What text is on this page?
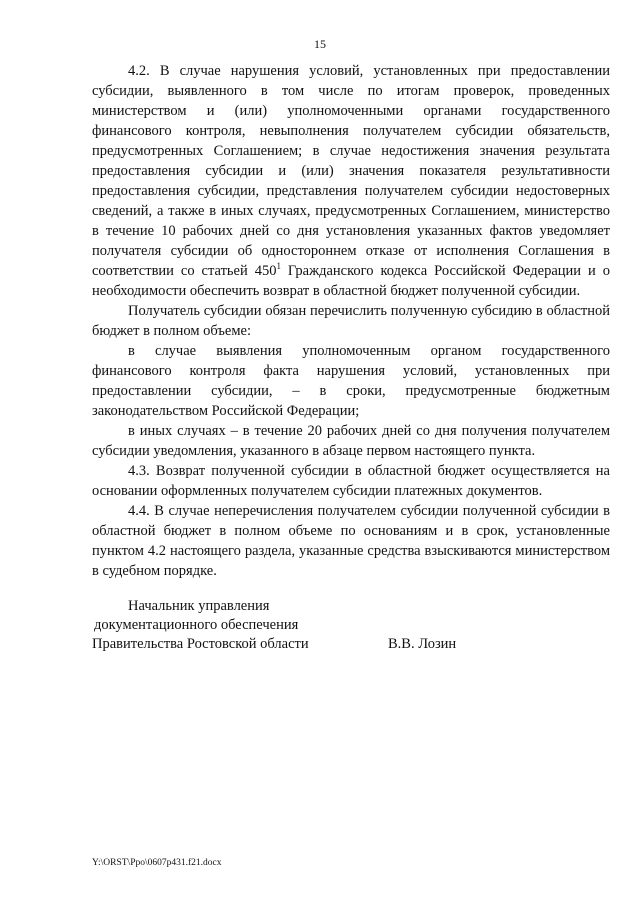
15

4.2. В случае нарушения условий, установленных при предоставлении субсидии, выявленного в том числе по итогам проверок, проведенных министерством и (или) уполномоченными органами государственного финансового контроля, невыполнения получателем субсидии обязательств, предусмотренных Соглашением; в случае недостижения значения результата предоставления субсидии и (или) значения показателя результативности предоставления субсидии, представления получателем субсидии недостоверных сведений, а также в иных случаях, предусмотренных Соглашением, министерство в течение 10 рабочих дней со дня установления указанных фактов уведомляет получателя субсидии об одностороннем отказе от исполнения Соглашения в соответствии со статьей $450^1$ Гражданского кодекса Российской Федерации и о необходимости обеспечить возврат в областной бюджет полученной субсидии.

Получатель субсидии обязан перечислить полученную субсидию в областной бюджет в полном объеме:

в случае выявления уполномоченным органом государственного финансового контроля факта нарушения условий, установленных при предоставлении субсидии, – в сроки, предусмотренные бюджетным законодательством Российской Федерации;

в иных случаях – в течение 20 рабочих дней со дня получения получателем субсидии уведомления, указанного в абзаце первом настоящего пункта.

4.3. Возврат полученной субсидии в областной бюджет осуществляется на основании оформленных получателем субсидии платежных документов.

4.4. В случае неперечисления получателем субсидии полученной субсидии в областной бюджет в полном объеме по основаниям и в срок, установленные пунктом 4.2 настоящего раздела, указанные средства взыскиваются министерством в судебном порядке.

Начальник управления
документационного обеспечения
Правительства Ростовской области	В.В. Лозин
Y:\ORST\Ppo\0607p431.f21.docx
